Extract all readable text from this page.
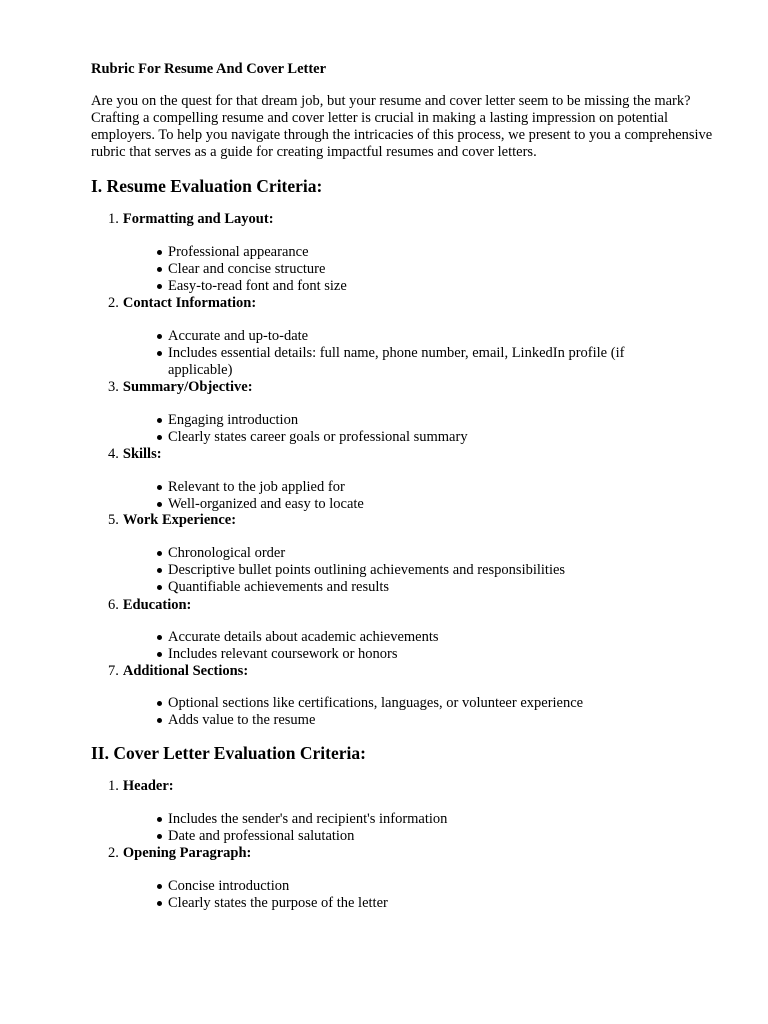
Rubric For Resume And Cover Letter

Are you on the quest for that dream job, but your resume and cover letter seem to be missing the mark? Crafting a compelling resume and cover letter is crucial in making a lasting impression on potential employers. To help you navigate through the intricacies of this process, we present to you a comprehensive rubric that serves as a guide for creating impactful resumes and cover letters.

I. Resume Evaluation Criteria:
1. Formatting and Layout:
Professional appearance
Clear and concise structure
Easy-to-read font and font size
2. Contact Information:
Accurate and up-to-date
Includes essential details: full name, phone number, email, LinkedIn profile (if applicable)
3. Summary/Objective:
Engaging introduction
Clearly states career goals or professional summary
4. Skills:
Relevant to the job applied for
Well-organized and easy to locate
5. Work Experience:
Chronological order
Descriptive bullet points outlining achievements and responsibilities
Quantifiable achievements and results
6. Education:
Accurate details about academic achievements
Includes relevant coursework or honors
7. Additional Sections:
Optional sections like certifications, languages, or volunteer experience
Adds value to the resume
II. Cover Letter Evaluation Criteria:
1. Header:
Includes the sender's and recipient's information
Date and professional salutation
2. Opening Paragraph:
Concise introduction
Clearly states the purpose of the letter
